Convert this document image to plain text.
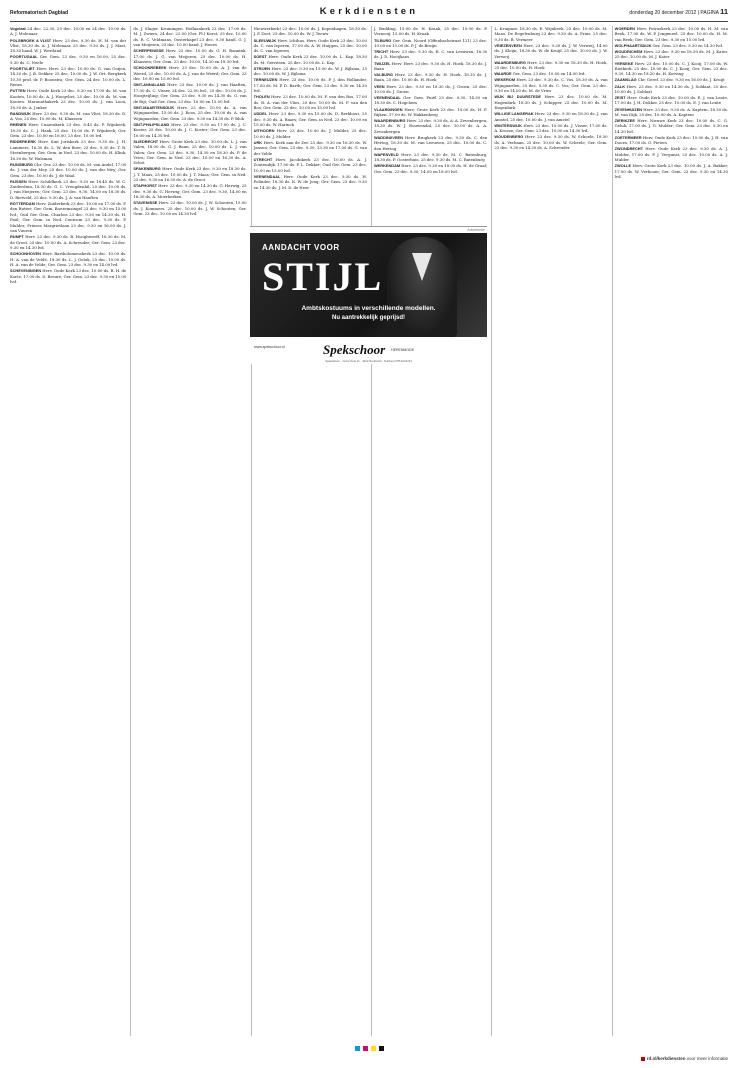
Reformatorisch Dagblad	Kerkdiensten	donderdag 20 december 2012 | PAGINA 11

Vogelzat 24 dec. 22.30, 25 dec. 10.00 en 24 dec. 10.00 ds. A. J. Molenaar

POLSBROEK & VLIST Herv. 23 dec. 9.30 ds. H. M. van der Vlist, 18.30 ds. A. J. Molenaar, 25 dec. 9.30 ds. J. J. Mast, 18.30 hand. W. J. Westland

POORTUGAAL Ger. Gem. 23 dec. 9.30 en 16.00, 25 dec. 9.30 ds. C. Neele

POORTVLIET Herv. Herv. 23 dec. 10.00 ds. G. van Ooijen, 14.30 ds. J. B. Dekker, 25 dec. 10.00 ds. J. W. Ort. Bergkerk 10.30 prof. dr. P. Boonstra; Ger. Gem. 24 dec. 10.00 ds. L. Renes

PUTTEN Herv. Oude Kerk 23 dec. 8.30 en 17.00 ds. M. van Kooten, 10.00 ds. A. J. Hoogvliet, 25 dec. 10.00 ds. M. van Kooten. Maranathakerk 23 dec. 10.00 ds. J. van Loon, 18.30 ds. A. Jonker

RANDWIJK Herv. 23 dec. 9.30 ds. M. van Vliet, 18.30 ds. D. A. Vos, 25 dec. 10.00 ds. M. Klaassen

RHENEN Herv. Cunerakerk 23 dec. 8.45 ds. P. Wijnbeek, 18.30 ds. C. J. Haak, 25 dec. 10.00 ds. P. Wijnbeek; Ger. Gem. 23 dec. 10.00 en 16.00, 25 dec. 10.00 lvd.

RIDDERKERK Herv. Sint Joriskerk 23 dec. 9.30 ds. J. H. Lammers, 16.30 ds. L. W. den Boer, 25 dec. 9.30 ds. T. R. Steenbergen; Ger. Gem. in Ned. 23 dec. 10.00 ds. H. Klink, 16.30 ds. W. Hulsman

RIJNSBURG Chr. Ger. 23 dec. 10.00 ds. M. van Andel, 17.00 ds. J. van der Mey, 25 dec. 10.00 ds. J. van der Mey; Ger. Gem. 23 dec. 10.00 ds. J. de Waal

RIJSSEN Herv. Schildkerk 23 dec. 9.30 en 18.45 ds. W. C. Zuiderduin, 18.30 ds. G. C. Vreugdenhil, 25 dec. 10.00 ds. J. van Meijeren; Ger. Gem. 23 dec. 9.30, 14.00 en 18.30 ds. D. Rietveld, 25 dec. 9.30 ds. J. A. van Haaften

ROTTERDAM Herv. Zuiderkerk 23 dec. 10.00 en 17.00 ds. P. den Butter; Ger. Gem. Boezemsingel 23 dec. 9.30 en 15.00 lvd.; Oud Ger. Gem. Charlois 23 dec. 9.30 en 14.30 ds. H. Paul; Ger. Gem. in Ned. Centrum 23 dec. 9.30 ds. P. Mulder; Prinses Margrietlaan 23 dec. 9.30 en 16.00 ds. J. van Vuuren

RUMPT Herv. 23 dec. 9.30 ds. B. Hooghwerff, 18.30 ds. M. de Groot, 25 dec. 10.00 ds. A. Schreuder; Ger. Gem. 23 dec. 9.30 en 14.30 lvd.

SCHOONHOVEN Herv. Bartholomeuskerk 23 dec. 10.00 ds. H. A. van de Velde, 18.30 ds. L. J. Geluk, 25 dec. 10.00 ds. H. A. van de Velde; Ger. Gem. 23 dec. 9.30 en 14.00 lvd.

SCHEVENINGEN Herv. Oude Kerk 23 dec. 10.00 ds. R. H. de Korte, 17.00 ds. D. Breure; Ger. Gem. 23 dec. 9.30 en 15.00 lvd.

ds. J. Sluger. Kruiningen. Hoflaankerk 23 dec. 17.00 ds. M. J. Zwiers, 24 dec. 22.00 (Ger. Pl.) Kerst, 25 dec. 10.00 ds. R. C. Veldmans, Oosterkapel 23 dec. 9.30 hand. G. J. van Meijeren, 25 dec. 10.00 hand. J. Hoorn

SCHERPENISSE Herv. 23 dec. 10.00 ds. G. H. Bonnink, 17.00 ds. J. G. van Meijeren, 25 dec. 10.00 ds. H. Klaassen; Ger. Gem. 23 dec. 10.00, 14.30 en 18.30 lvd.

SCHOONREBEEK Herv. 23 dec. 10.00 ds. A. J. van de Weerd, 25 dec. 10.00 ds. A. J. van de Weerd; Ger. Gem. 23 dec. 10.00 en 15.00 lvd.

SINT-ANNALAND Herv. 23 dec. 10.00 ds. J. van Haaften, 17.00 ds. C. Visser, 24 dec. 22.00 lvd., 25 dec. 10.00 ds. J. Hoogteijling; Ger. Gem. 23 dec. 9.30 en 14.30 ds. G. van de Rijt; Oud Ger. Gem. 23 dec. 10.00 en 15.00 lvd.

SINT-MAARTENSDIJK Herv. 23 dec. 10.00 ds. A. van Wijngaarden, 15.00 ds. J. Roos, 25 dec. 10.00 ds. A. van Wijngaarden; Ger. Gem. 23 dec. 9.30 en 14.30 ds. P. Blok

SINT-PHILIPSLAND Herv. 23 dec. 9.30 en 17.00 ds. J. C. Koster, 25 dec. 10.00 ds. J. C. Koster; Ger. Gem. 23 dec. 10.00 en 14.30 lvd.

SLIEDRECHT Herv. Grote Kerk 23 dec. 10.00 ds. L. J. van Valen, 18.00 ds. G. J. Baan, 25 dec. 10.00 ds. L. J. van Valen; Ger. Gem. 23 dec. 9.30, 14.30 en 18.30 ds. P. de Vries; Ger. Gem. in Ned. 23 dec. 10.00 en 16.30 ds. A. Schot

SPAKENBURG Herv. Oude Kerk 23 dec. 9.30 en 18.30 ds. J. T. Maas, 25 dec. 10.00 ds. J. T. Maas; Ger. Gem. in Ned. 23 dec. 9.30 en 16.30 ds. A. de Groot

STAPHORST Herv. 23 dec. 9.30 en 14.30 ds. G. Herwig, 25 dec. 9.30 ds. G. Herwig; Ger. Gem. 23 dec. 9.30, 14.00 en 18.30 ds. A. Moerkerken

STAVENISSE Herv. 23 dec. 10.00 ds. J. W. Schouten, 15.00 ds. J. Kommers, 25 dec. 10.00 ds. J. W. Schouten; Ger. Gem. 23 dec. 10.00 en 14.30 lvd.

Nieuwerkerk) 23 dec. 10.00 ds. J. Kopenhagen, 18.30 ds. J. P. Zoet, 25 dec. 10.00 ds. W. J. Teeuw

SLEEUWIJK Herv. Ichthus. Herv. Oude Kerk 23 dec. 10.00 ds. C. van Ieperen, 17.00 ds. A. W. Huijgen, 25 dec. 10.00 ds. C. van Ieperen

SOEST Herv. Oude Kerk 23 dec. 10.00 ds. L. Kap, 18.30 ds. M. Gerritsen, 25 dec. 10.00 ds. L. Kap

STRIJEN Herv. 23 dec. 9.30 en 15.00 ds. W. J. Bijlsma, 25 dec. 10.00 ds. W. J. Bijlsma

TERNEUZEN Herv. 23 dec. 10.00 ds. P. J. den Hollander, 17.00 ds. M. P. D. Barth; Ger. Gem. 23 dec. 9.30 en 14.30 lvd.

THOLEN Herv. 23 dec. 10.00 ds. M. F. van den Bos, 17.00 ds. R. A. van der Vlies, 25 dec. 10.00 ds. M. F. van den Bos; Ger. Gem. 23 dec. 10.00 en 15.00 lvd.

UDDEL Herv. 23 dec. 9.30 en 15.00 ds. D. Berkhout, 25 dec. 9.30 ds. A. Baars; Ger. Gem. in Ned. 23 dec. 10.00 en 15.00 ds. W. Harinck

UITHOORN Herv. 23 dec. 10.00 ds. J. Mulder, 25 dec. 10.00 ds. J. Mulder

URK Herv. Kerk aan de Zee 23 dec. 9.30 en 16.30 ds. W. Jansen; Ger. Gem. 23 dec. 9.30, 13.30 en 17.00 ds. G. van der Velde

UTRECHT Herv. Jacobikerk 23 dec. 10.00 ds. A. J. Zoutendijk, 17.00 ds. P. L. Dekker; Oud Ger. Gem. 23 dec. 10.00 en 15.00 lvd.

VEENENDAAL Herv. Oude Kerk 23 dec. 9.30 ds. H. Polinder, 18.30 ds. K. W. de Jong; Ger. Gem. 23 dec. 9.30 en 14.30 ds. J. M. D. de Heer

J. Budding, 15.00 ds. H. Kraak, 25 dec. 10.00 ds. P. Vernooij, 15.00 ds. H. Kraak

TILBURG Ger. Gem. Noord (Offenbachstraat 121) 23 dec. 10.00 en 15.00 ds. P. J. de Bruijn

TRICHT Herv. 23 dec. 9.30 ds. R. C. van Leeuwen, 18.30 ds. J. D. Hooijkaas

TWIJZEL Herv. Herv. 23 dec. 9.30 ds. H. Hoek, 18.30 ds. J. Baan

VALBURG Herv. 23 dec. 9.30 ds. H. Hoek, 18.30 ds. J. Baan, 25 dec. 10.00 ds. H. Hoek

VEEN Herv. 23 dec. 9.30 en 18.30 ds. J. Groen, 25 dec. 10.00 ds. J. Groen

VEENENDAAL Ger. Gem. Pniël 23 dec. 9.30, 14.30 en 18.30 ds. C. Hogchem

VLAARDINGEN Herv. Grote Kerk 23 dec. 10.00 ds. H. F. Rijken, 17.00 ds. W. Hakkenberg

WAARDENBURG Herv. 23 dec. 9.30 ds. A. A. Zevenbergen, 18.30 ds. W. J. Rouwendal, 25 dec. 10.00 ds. A. A. Zevenbergen

WADDINXVEEN Herv. Brugkerk 23 dec. 9.30 ds. C. den Hertog, 18.30 ds. M. van Leeuwen, 25 dec. 10.00 ds. C. den Hertog

WAPENVELD Herv. 23 dec. 9.30 ds. M. C. Batenburg, 18.30 ds. P. Oosterhuis, 25 dec. 9.30 ds. M. C. Batenburg

WERKENDAM Herv. 23 dec. 9.30 en 18.00 ds. H. de Graaf; Ger. Gem. 23 dec. 9.30, 14.00 en 18.00 lvd.

L. Kruijmer. 18.30 ds. E. Wijnbeek, 25 dec. 10.00 ds. M. Maas. De Eegelenburg 23 dec. 9.30 ds. A. Prins, 25 dec. 9.30 ds. B. Vermeer

VRIEZENVEEN Herv. 23 dec. 9.30 ds. J. W. Verweij, 14.00 ds. J. Kleijn, 18.30 ds. W. de Kruijf, 25 dec. 10.00 ds. J. W. Verweij

WAARDENBURG Herv. 23 dec. 9.30 en 18.30 ds. H. Hoek, 25 dec. 10.00 ds. H. Hoek

WAARDE Ger. Gem. 23 dec. 10.00 en 14.00 lvd.

WEKEROM Herv. 23 dec. 9.30 ds. C. Vos, 18.30 ds. A. van Wijngaarden, 25 dec. 9.30 ds. C. Vos; Ger. Gem. 23 dec. 9.30 en 14.00 ds. M. de Vries

WIJK BIJ DUURSTEDE Herv. 23 dec. 10.00 ds. M. Hogenbirk, 18.30 ds. J. Schipper, 25 dec. 10.00 ds. M. Hogenbirk

WILLIGE LANGERAK Herv. 23 dec. 9.30 en 18.30 ds. J. van Amstel, 25 dec. 10.00 ds. J. van Amstel

WINTERSWIJK Herv. 23 dec. 10.00 ds. J. Visser, 17.00 ds. A. Kroeze; Ger. Gem. 23 dec. 10.00 en 14.30 lvd.

WOUDENBERG Herv. 23 dec. 9.30 ds. W. Scheele, 18.30 ds. A. Verbaan, 25 dec. 10.00 ds. W. Scheele; Ger. Gem. 23 dec. 9.30 en 14.30 ds. A. Schreuder

WOERDEN Herv. Petruskerk 23 dec. 10.00 ds. H. M. van Beek, 17.00 ds. W. P. Jongeneel, 25 dec. 10.00 ds. H. M. van Beek; Ger. Gem. 23 dec. 9.30 en 15.00 lvd.

WOLPHAARTSDIJK Ger. Gem. 23 dec. 9.30 en 14.30 lvd.

WOUDRICHEM Herv. 23 dec. 9.30 en 18.30 ds. M. J. Kater, 25 dec. 10.00 ds. M. J. Kater

YERSEKE Herv. 23 dec. 10.00 ds. C. J. Kooij, 17.00 ds. W. Rietkerk, 25 dec. 10.00 ds. C. J. Kooij; Ger. Gem. 23 dec. 9.30, 14.30 en 18.30 ds. H. Korving

ZAAMSLAG Chr. Geref. 23 dec. 9.30 en 16.00 ds. J. Kruijt

ZALK Herv. 23 dec. 9.30 en 14.30 ds. J. Soldaat, 25 dec. 10.00 ds. J. Soldaat

ZEIST Herv. Oude Kerk 23 dec. 10.00 ds. E. J. van Lente, 17.00 ds. J. H. Dekker, 25 dec. 10.00 ds. E. J. van Lente

ZEVENHUIZEN Herv. 23 dec. 9.30 ds. A. Kaptein, 18.30 ds. M. van Dijk, 25 dec. 10.00 ds. A. Kaptein

ZIERIKZEE Herv. Nieuwe Kerk 23 dec. 10.00 ds. C. G. Geluk, 17.00 ds. J. G. Mulder; Ger. Gem. 23 dec. 9.30 en 14.30 lvd.

ZOETERMEER Herv. Oude Kerk 23 dec. 10.00 ds. J. H. van Doorn, 17.00 ds. G. Pieters

ZWIJNDRECHT Herv. Oude Kerk 23 dec. 9.30 ds. A. J. Mulder, 17.00 ds. P. J. Vergunst, 25 dec. 10.00 ds. A. J. Mulder

ZWOLLE Herv. Grote Kerk 23 dec. 10.00 ds. J. A. Bakker, 17.00 ds. W. Verboom; Ger. Gem. 23 dec. 9.30 en 14.30 lvd.

Advertentie
AANDACHT VOOR
STIJL
Ambtskostuums in verschillende modellen.
Nu aantrekkelijk geprijsd!
www.spekschoor.nl	Spekschoor HERENMODE
Spekschoor · Grote Kerk 11 · 3312 Dordrecht · Telefoon 078-6131744
rd.nl/kerkdiensten voor meer informatie
